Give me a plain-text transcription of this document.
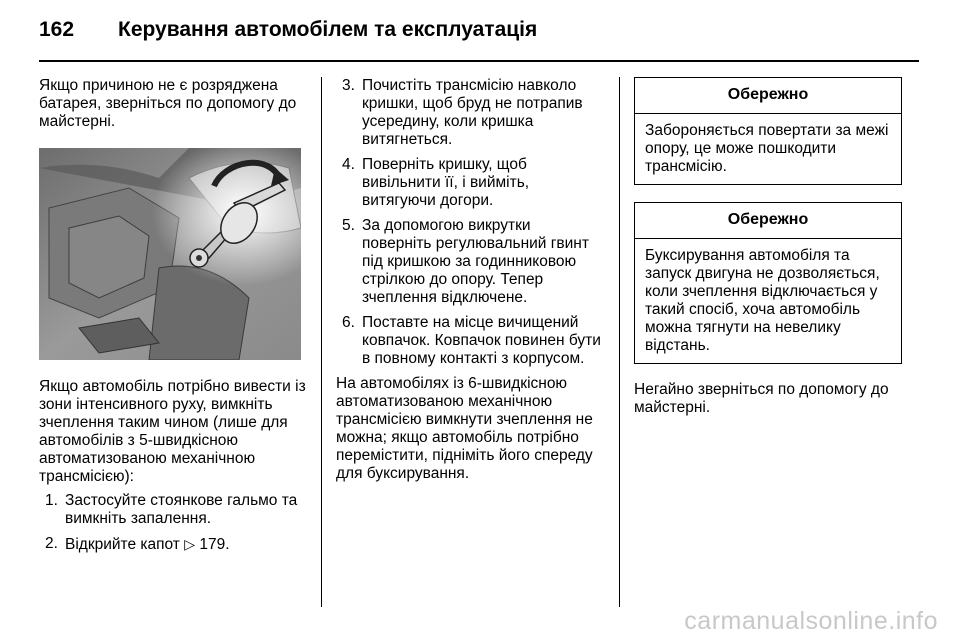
162 Керування автомобілем та експлуатація

Якщо причиною не є розряджена батарея, зверніться по допомогу до майстерні.

Якщо автомобіль потрібно вивести із зони інтенсивного руху, вимкніть зчеплення таким чином (лише для автомобілів з 5-швидкісною автоматизованою механічною трансмісією):

1. Застосуйте стоянкове гальмо та вимкніть запалення.
2. Відкрийте капот ▷ 179.
3. Почистіть трансмісію навколо кришки, щоб бруд не потрапив усередину, коли кришка витягнеться.
4. Поверніть кришку, щоб вивільнити її, і вийміть, витягуючи догори.
5. За допомогою викрутки поверніть регулювальний гвинт під кришкою за годинниковою стрілкою до опору. Тепер зчеплення відключене.
6. Поставте на місце вичищений ковпачок. Ковпачок повинен бути в повному контакті з корпусом.

На автомобілях із 6-швидкісною автоматизованою механічною трансмісією вимкнути зчеплення не можна; якщо автомобіль потрібно перемістити, підніміть його спереду для буксирування.

Обережно
Забороняється повертати за межі опору, це може пошкодити трансмісію.
Обережно
Буксирування автомобіля та запуск двигуна не дозволяється, коли зчеплення відключається у такий спосіб, хоча автомобіль можна тягнути на невелику відстань.

Негайно зверніться по допомогу до майстерні.

carmanualsonline.info
